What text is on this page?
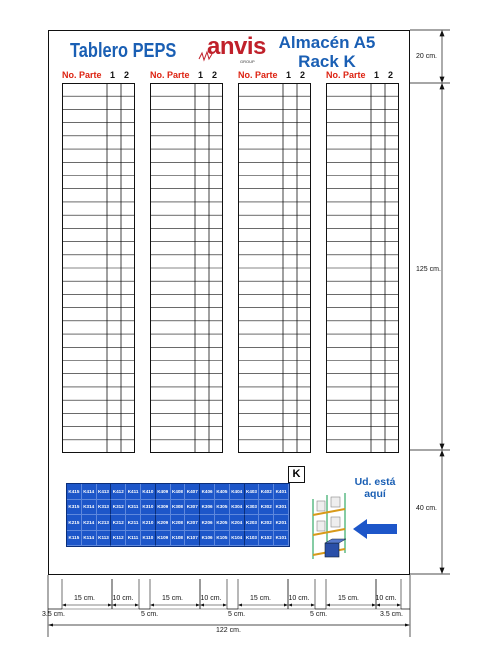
Tablero PEPS anvis
GROUP
Almacén A5
Rack K
No. Parte 1 2 No. Parte 1 2 No. Parte 1 2 No. Parte 1 2
K
K415 K414 K413 K412 K411 K410 K409 K408 K407 K406 K405 K404 K403 K402 K401
K315 K314 K313 K312 K311 K310 K309 K308 K307 K306 K305 K304 K303 K302 K301
K215 K214 K213 K212 K211 K210 K209 K208 K207 K206 K205 K204 K203 K202 K201
K115 K114 K113 K112 K111 K110 K109 K108 K107 K106 K105 K104 K103 K102 K101
Ud. está
aquí
20 cm.
125 cm.
40 cm.
15 cm. 10 cm.	15 cm. 10 cm.	15 cm. 10 cm.	15 cm. 10 cm.
3.5 cm.	5 cm.	5 cm.	5 cm.	3.5 cm.
122 cm.
